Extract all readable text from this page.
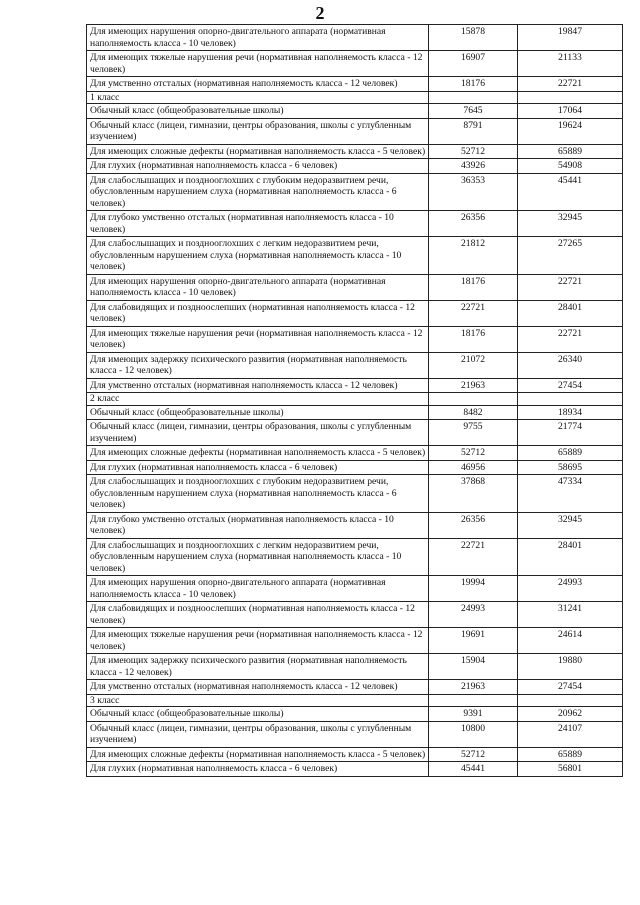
2
Для имеющих нарушения опорно-двигательного аппарата (нормативная наполняемость класса - 10 человек)	15878	19847
Для имеющих тяжелые нарушения речи (нормативная наполняемость класса - 12 человек)	16907	21133
Для умственно отсталых (нормативная наполняемость класса - 12 человек)	18176	22721
1 класс		
Обычный класс (общеобразовательные школы)	7645	17064
Обычный класс (лицеи, гимназии, центры образования, школы с углубленным изучением)	8791	19624
Для имеющих сложные дефекты (нормативная наполняемость класса - 5 человек)	52712	65889
Для глухих (нормативная наполняемость класса - 6 человек)	43926	54908
Для слабослышащих и позднооглохших с глубоким недоразвитием речи, обусловленным нарушением слуха (нормативная наполняемость класса - 6 человек)	36353	45441
Для глубоко умственно отсталых (нормативная наполняемость класса - 10 человек)	26356	32945
Для слабослышащих и позднооглохших с легким недоразвитием речи, обусловленным нарушением слуха (нормативная наполняемость класса - 10 человек)	21812	27265
Для имеющих нарушения опорно-двигательного аппарата (нормативная наполняемость класса - 10 человек)	18176	22721
Для слабовидящих и поздноослепших (нормативная наполняемость класса - 12 человек)	22721	28401
Для имеющих тяжелые нарушения речи (нормативная наполняемость класса - 12 человек)	18176	22721
Для имеющих задержку психического развития (нормативная наполняемость класса - 12 человек)	21072	26340
Для умственно отсталых (нормативная наполняемость класса - 12 человек)	21963	27454
2 класс		
Обычный класс (общеобразовательные школы)	8482	18934
Обычный класс (лицеи, гимназии, центры образования, школы с углубленным изучением)	9755	21774
Для имеющих сложные дефекты (нормативная наполняемость класса - 5 человек)	52712	65889
Для глухих (нормативная наполняемость класса - 6 человек)	46956	58695
Для слабослышащих и позднооглохших с глубоким недоразвитием речи, обусловленным нарушением слуха (нормативная наполняемость класса - 6 человек)	37868	47334
Для глубоко умственно отсталых (нормативная наполняемость класса - 10 человек)	26356	32945
Для слабослышащих и позднооглохших с легким недоразвитием речи, обусловленным нарушением слуха (нормативная наполняемость класса - 10 человек)	22721	28401
Для имеющих нарушения опорно-двигательного аппарата (нормативная наполняемость класса - 10 человек)	19994	24993
Для слабовидящих и поздноослепших (нормативная наполняемость класса - 12 человек)	24993	31241
Для имеющих тяжелые нарушения речи (нормативная наполняемость класса - 12 человек)	19691	24614
Для имеющих задержку психического развития (нормативная наполняемость класса - 12 человек)	15904	19880
Для умственно отсталых (нормативная наполняемость класса - 12 человек)	21963	27454
3 класс		
Обычный класс (общеобразовательные школы)	9391	20962
Обычный класс (лицеи, гимназии, центры образования, школы с углубленным изучением)	10800	24107
Для имеющих сложные дефекты (нормативная наполняемость класса - 5 человек)	52712	65889
Для глухих (нормативная наполняемость класса - 6 человек)	45441	56801
